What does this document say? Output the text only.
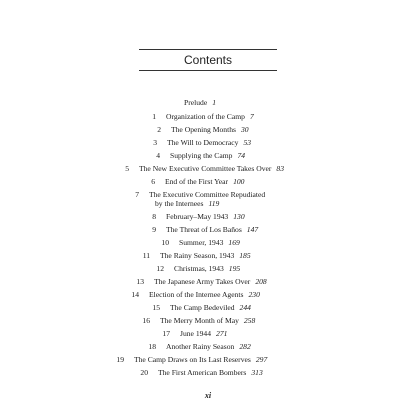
Contents
Prelude 1
1 Organization of the Camp 7
2 The Opening Months 30
3 The Will to Democracy 53
4 Supplying the Camp 74
5 The New Executive Committee Takes Over 83
6 End of the First Year 100
7 The Executive Committee Repudiated
by the Internees 119
8 February–May 1943 130
9 The Threat of Los Baños 147
10 Summer, 1943 169
11 The Rainy Season, 1943 185
12 Christmas, 1943 195
13 The Japanese Army Takes Over 208
14 Election of the Internee Agents 230
15 The Camp Bedeviled 244
16 The Merry Month of May 258
17 June 1944 271
18 Another Rainy Season 282
19 The Camp Draws on Its Last Reserves 297
20 The First American Bombers 313
xi
